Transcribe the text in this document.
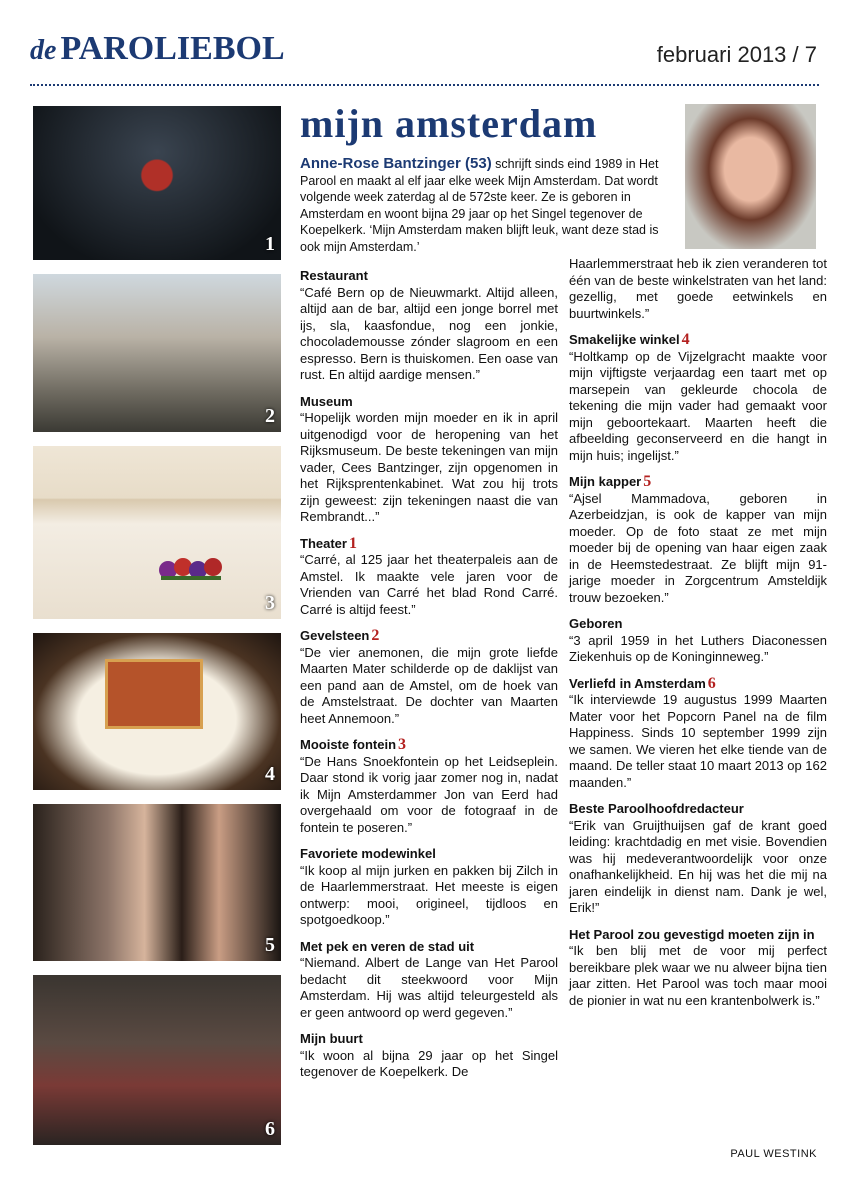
de PAROLIEBOL	februari 2013 / 7
1
2
3
4
5
6
mijn amsterdam
Anne-Rose Bantzinger (53) schrijft sinds eind 1989 in Het Parool en maakt al elf jaar elke week Mijn Amsterdam. Dat wordt volgende week zaterdag al de 572ste keer. Ze is geboren in Amsterdam en woont bijna 29 jaar op het Singel tegenover de Koepelkerk. ‘Mijn Amsterdam maken blijft leuk, want deze stad is ook mijn Amsterdam.’
Restaurant

“Café Bern op de Nieuwmarkt. Altijd alleen, altijd aan de bar, altijd een jonge borrel met ijs, sla, kaasfondue, nog een jonkie, chocolademousse zónder slagroom en een espresso. Bern is thuiskomen. Een oase van rust. En altijd aardige mensen.”

Museum

“Hopelijk worden mijn moeder en ik in april uitgenodigd voor de heropening van het Rijksmuseum. De beste tekeningen van mijn vader, Cees Bantzinger, zijn opgenomen in het Rijksprentenkabinet. Wat zou hij trots zijn geweest: zijn tekeningen naast die van Rembrandt...”

Theater 1

“Carré, al 125 jaar het theaterpaleis aan de Amstel. Ik maakte vele jaren voor de Vrienden van Carré het blad Rond Carré. Carré is altijd feest.”

Gevelsteen 2

“De vier anemonen, die mijn grote liefde Maarten Mater schilderde op de daklijst van een pand aan de Amstel, om de hoek van de Amstelstraat. De dochter van Maarten heet Annemoon.”

Mooiste fontein 3

“De Hans Snoekfontein op het Leidseplein. Daar stond ik vorig jaar zomer nog in, nadat ik Mijn Amsterdammer Jon van Eerd had overgehaald om voor de fotograaf in de fontein te poseren.”

Favoriete modewinkel

“Ik koop al mijn jurken en pakken bij Zilch in de Haarlemmerstraat. Het meeste is eigen ontwerp: mooi, origineel, tijdloos en spotgoedkoop.”

Met pek en veren de stad uit

“Niemand. Albert de Lange van Het Parool bedacht dit steekwoord voor Mijn Amsterdam. Hij was altijd teleurgesteld als er geen antwoord op werd gegeven.”

Mijn buurt

“Ik woon al bijna 29 jaar op het Singel tegenover de Koepelkerk. De

Haarlemmerstraat heb ik zien veranderen tot één van de beste winkelstraten van het land: gezellig, met goede eetwinkels en buurtwinkels.”

Smakelijke winkel 4

“Holtkamp op de Vijzelgracht maakte voor mijn vijftigste verjaardag een taart met op marsepein van gekleurde chocola de tekening die mijn vader had gemaakt voor mijn geboortekaart. Maarten heeft die afbeelding geconserveerd en die hangt in mijn huis; ingelijst.”

Mijn kapper 5

“Ajsel Mammadova, geboren in Azerbeidzjan, is ook de kapper van mijn moeder. Op de foto staat ze met mijn moeder bij de opening van haar eigen zaak in de Heemstedestraat. Ze blijft mijn 91-jarige moeder in Zorgcentrum Amsteldijk trouw bezoeken.”

Geboren

“3 april 1959 in het Luthers Diaconessen Ziekenhuis op de Koninginneweg.”

Verliefd in Amsterdam 6

“Ik interviewde 19 augustus 1999 Maarten Mater voor het Popcorn Panel na de film Happiness. Sinds 10 september 1999 zijn we samen. We vieren het elke tiende van de maand. De teller staat 10 maart 2013 op 162 maanden.”

Beste Paroolhoofdredacteur

“Erik van Gruijthuijsen gaf de krant goed leiding: krachtdadig en met visie. Bovendien was hij medeverantwoordelijk voor onze onafhankelijkheid. En hij was het die mij na jaren eindelijk in dienst nam. Dank je wel, Erik!”

Het Parool zou gevestigd moeten zijn in

“Ik ben blij met de voor mij perfect bereikbare plek waar we nu alweer bijna tien jaar zitten. Het Parool was toch maar mooi de pionier in wat nu een krantenbolwerk is.”

PAUL WESTINK
